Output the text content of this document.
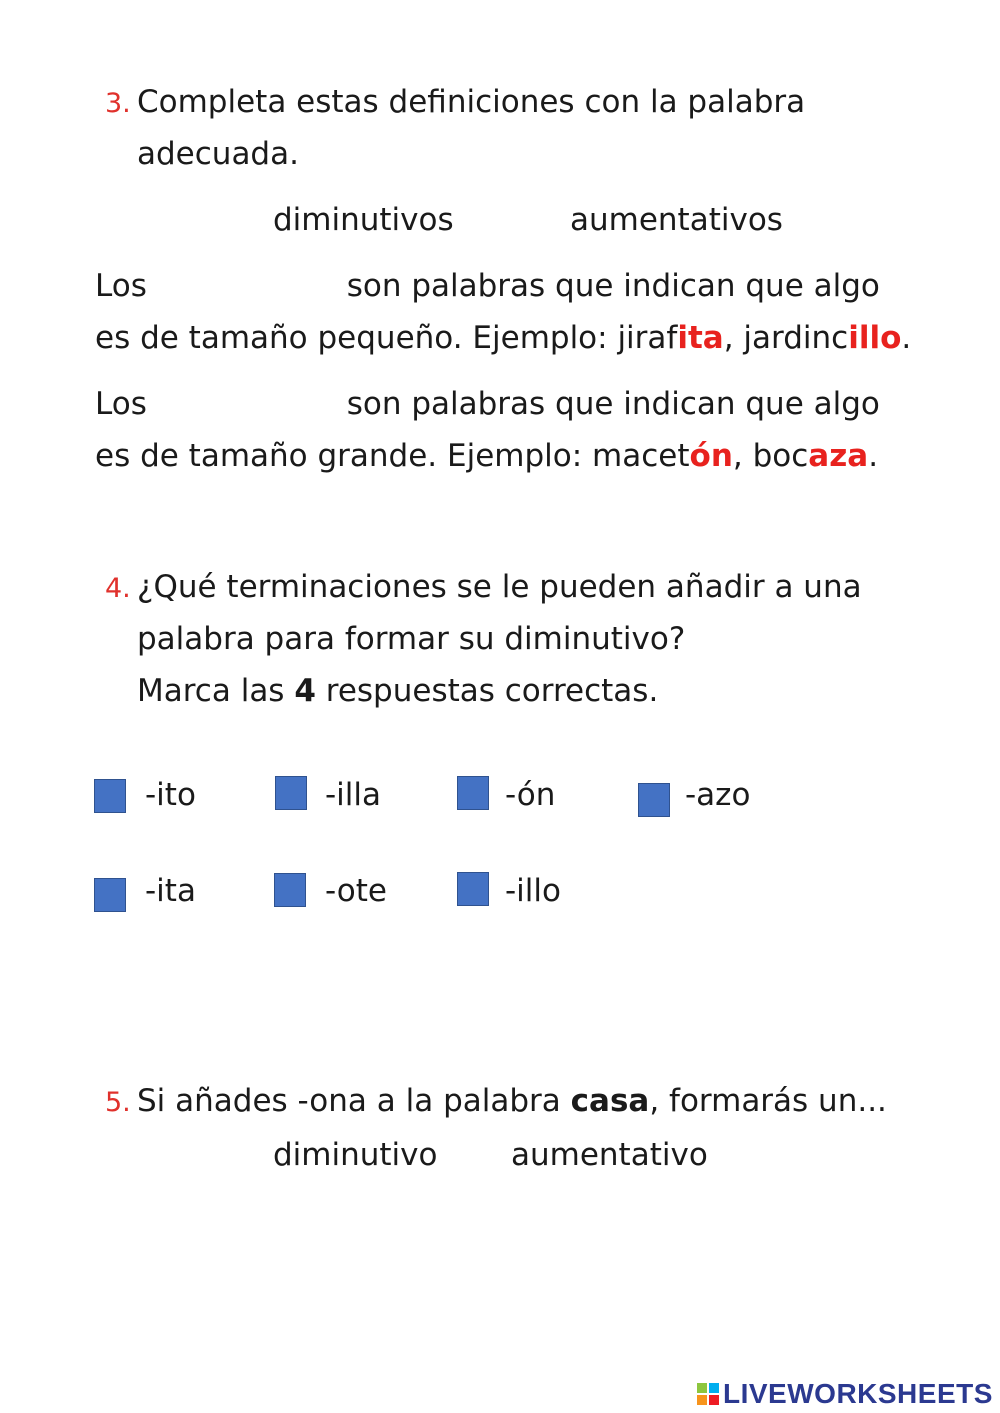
3. Completa estas definiciones con la palabra
adecuada.
diminutivos	aumentativos
Los	son palabras que indican que algo
es de tamaño pequeño. Ejemplo: jirafita, jardincillo.
Los	son palabras que indican que algo
es de tamaño grande. Ejemplo: macetón, bocaza.
4. ¿Qué terminaciones se le pueden añadir a una
palabra para formar su diminutivo?
Marca las 4 respuestas correctas.
-ito	-illa	-ón	-azo
-ita	-ote	-illo
5. Si añades -ona a la palabra casa, formarás un...
diminutivo aumentativo
LIVEWORKSHEETS
